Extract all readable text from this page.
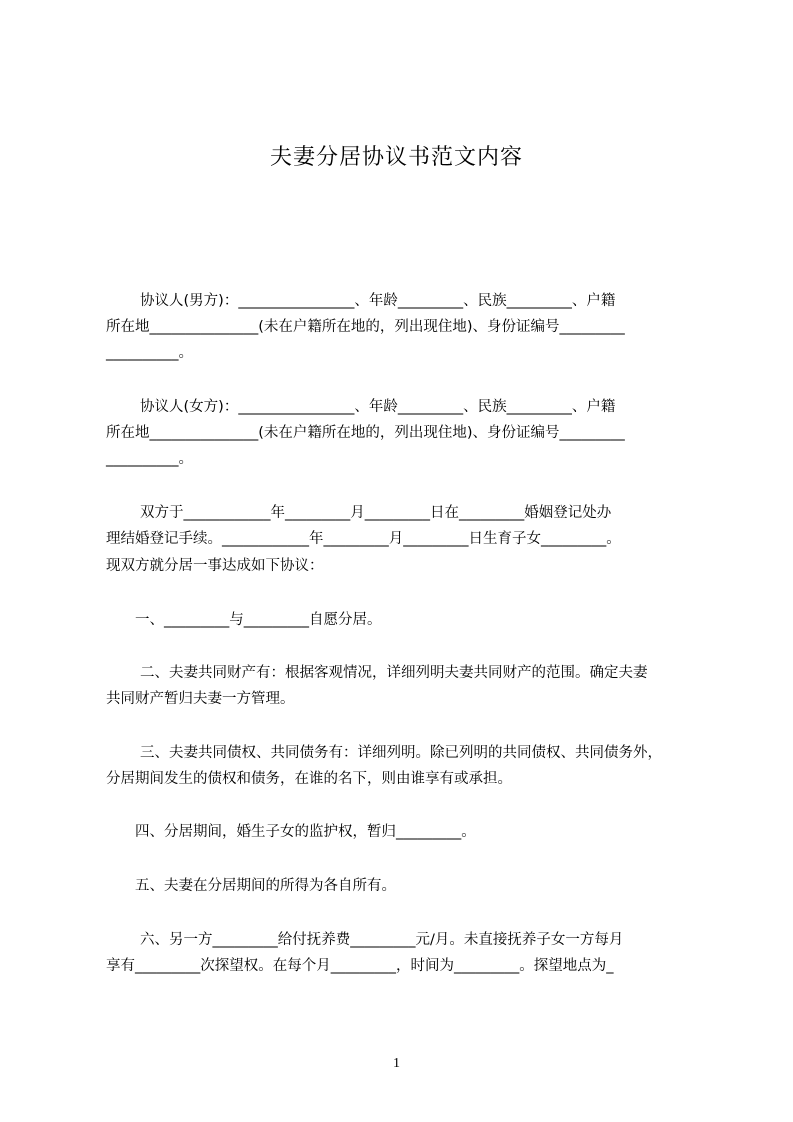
夫妻分居协议书范文内容
协议人(男方)：________________、年龄_________、民族_________、户籍
所在地_______________(未在户籍所在地的，列出现住地)、身份证编号_________
__________。
协议人(女方)：________________、年龄_________、民族_________、户籍
所在地_______________(未在户籍所在地的，列出现住地)、身份证编号_________
__________。
双方于____________年_________月_________日在_________婚姻登记处办
理结婚登记手续。____________年_________月_________日生育子女_________。
现双方就分居一事达成如下协议：
一、_________与_________自愿分居。
二、夫妻共同财产有：根据客观情况，详细列明夫妻共同财产的范围。确定夫妻
共同财产暂归夫妻一方管理。
三、夫妻共同债权、共同债务有：详细列明。除已列明的共同债权、共同债务外，
分居期间发生的债权和债务，在谁的名下，则由谁享有或承担。
四、分居期间，婚生子女的监护权，暂归_________。
五、夫妻在分居期间的所得为各自所有。
六、另一方_________给付抚养费_________元/月。未直接抚养子女一方每月
享有_________次探望权。在每个月_________，时间为_________。探望地点为_
1
